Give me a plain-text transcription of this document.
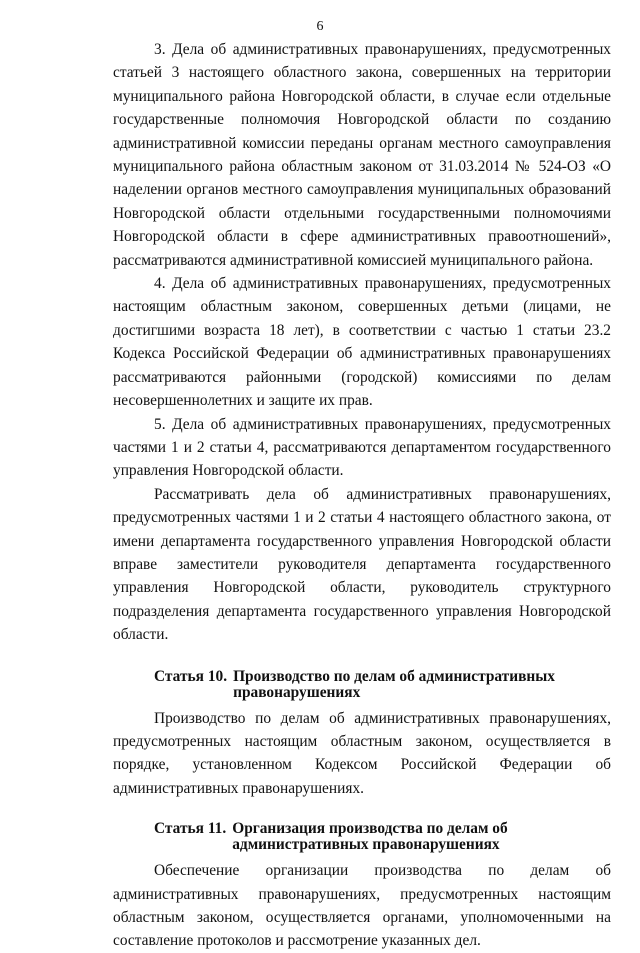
6

3. Дела об административных правонарушениях, предусмотренных статьей 3 настоящего областного закона, совершенных на территории муниципального района Новгородской области, в случае если отдельные государственные полномочия Новгородской области по созданию административной комиссии переданы органам местного самоуправления муниципального района областным законом от 31.03.2014 № 524-ОЗ «О наделении органов местного самоуправления муниципальных образований Новгородской области отдельными государственными полномочиями Новгородской области в сфере административных правоотношений», рассматриваются административной комиссией муниципального района.

4. Дела об административных правонарушениях, предусмотренных настоящим областным законом, совершенных детьми (лицами, не достигшими возраста 18 лет), в соответствии с частью 1 статьи 23.2 Кодекса Российской Федерации об административных правонарушениях рассматриваются районными (городской) комиссиями по делам несовершеннолетних и защите их прав.

5. Дела об административных правонарушениях, предусмотренных частями 1 и 2 статьи 4, рассматриваются департаментом государственного управления Новгородской области.

Рассматривать дела об административных правонарушениях, предусмотренных частями 1 и 2 статьи 4 настоящего областного закона, от имени департамента государственного управления Новгородской области вправе заместители руководителя департамента государственного управления Новгородской области, руководитель структурного подразделения департамента государственного управления Новгородской области.

Статья 10. Производство по делам об административных правонарушениях

Производство по делам об административных правонарушениях, предусмотренных настоящим областным законом, осуществляется в порядке, установленном Кодексом Российской Федерации об административных правонарушениях.

Статья 11. Организация производства по делам об административных правонарушениях

Обеспечение организации производства по делам об административных правонарушениях, предусмотренных настоящим областным законом, осуществляется органами, уполномоченными на составление протоколов и рассмотрение указанных дел.
